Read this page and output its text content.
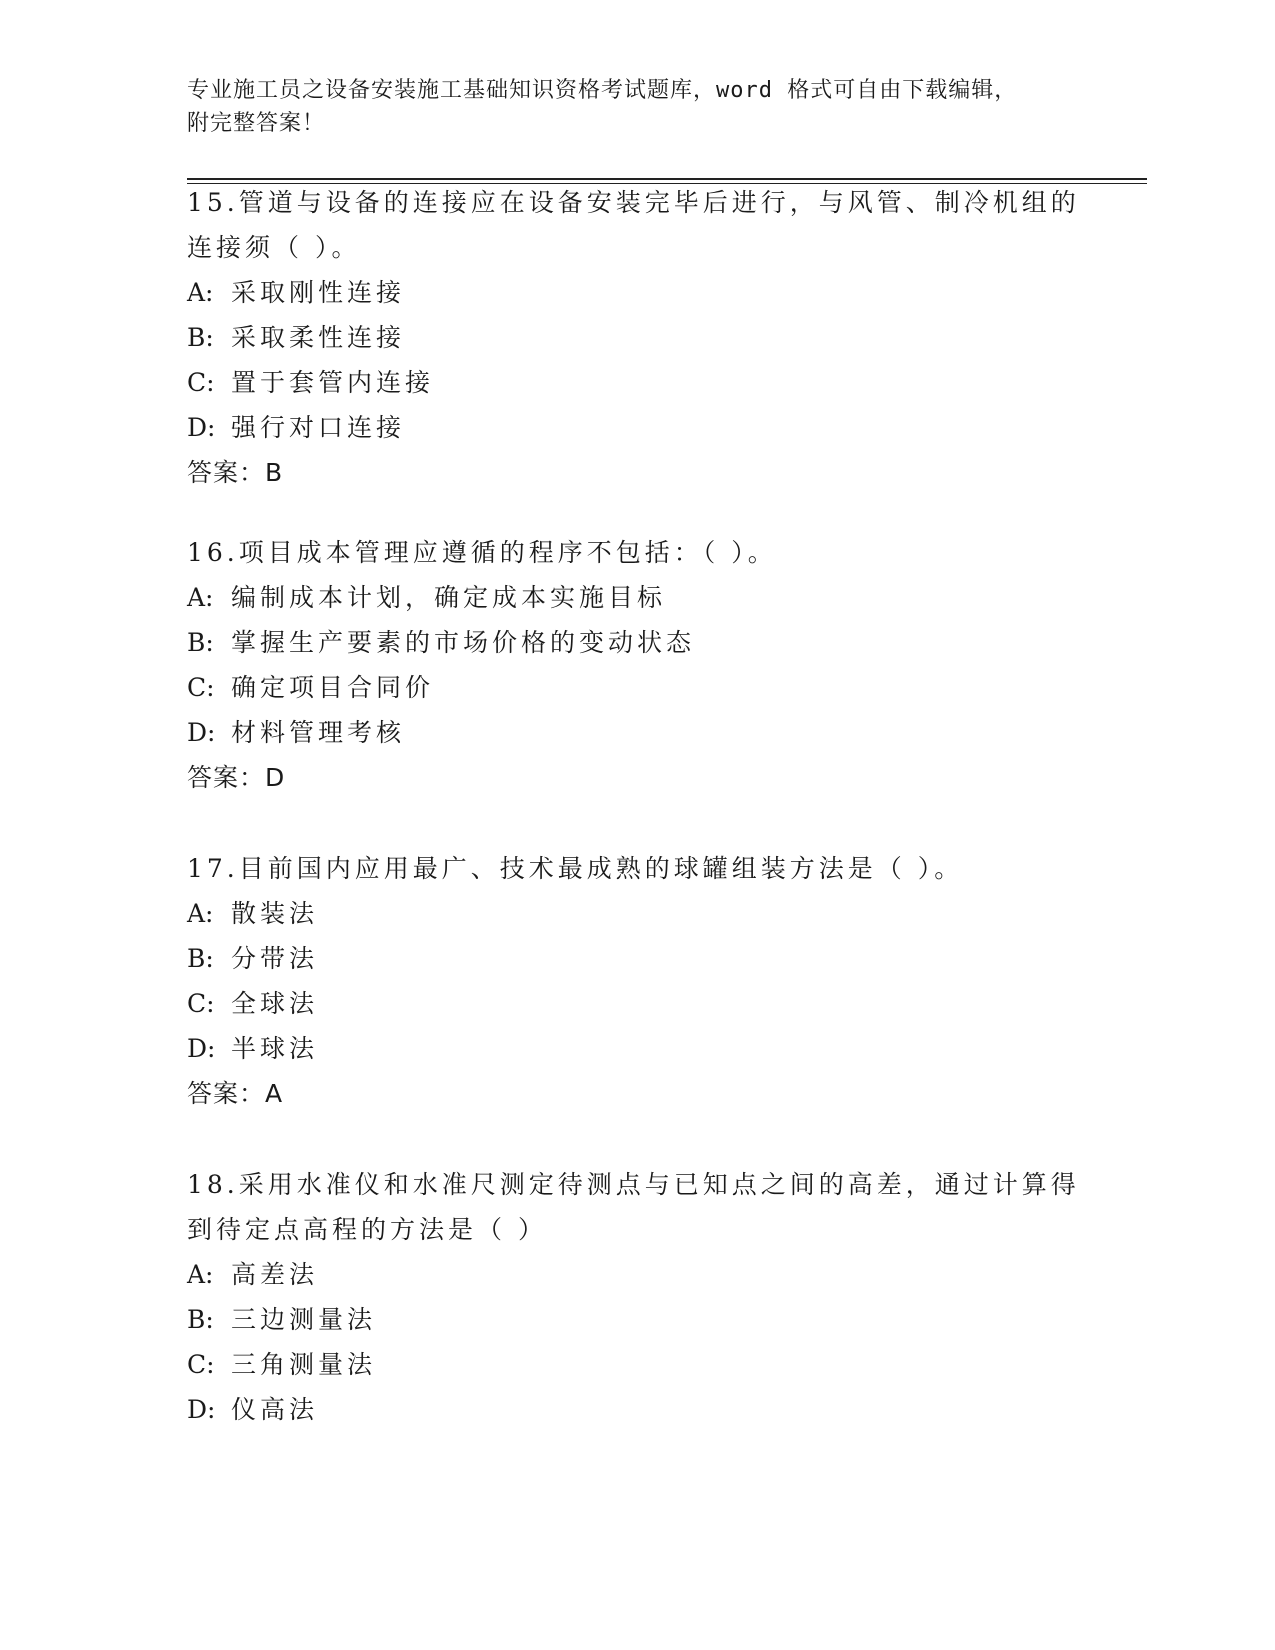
专业施工员之设备安装施工基础知识资格考试题库，word 格式可自由下载编辑，
附完整答案！

15.管道与设备的连接应在设备安装完毕后进行，与风管、制冷机组的

连接须（ ）。

A: 采取刚性连接

B: 采取柔性连接

C: 置于套管内连接

D: 强行对口连接

答案：B

16.项目成本管理应遵循的程序不包括：（ ）。

A: 编制成本计划，确定成本实施目标

B: 掌握生产要素的市场价格的变动状态

C: 确定项目合同价

D: 材料管理考核

答案：D

17.目前国内应用最广、技术最成熟的球罐组装方法是（ ）。

A: 散装法

B: 分带法

C: 全球法

D: 半球法

答案：A

18.采用水准仪和水准尺测定待测点与已知点之间的高差，通过计算得

到待定点高程的方法是（ ）

A: 高差法

B: 三边测量法

C: 三角测量法

D: 仪高法
